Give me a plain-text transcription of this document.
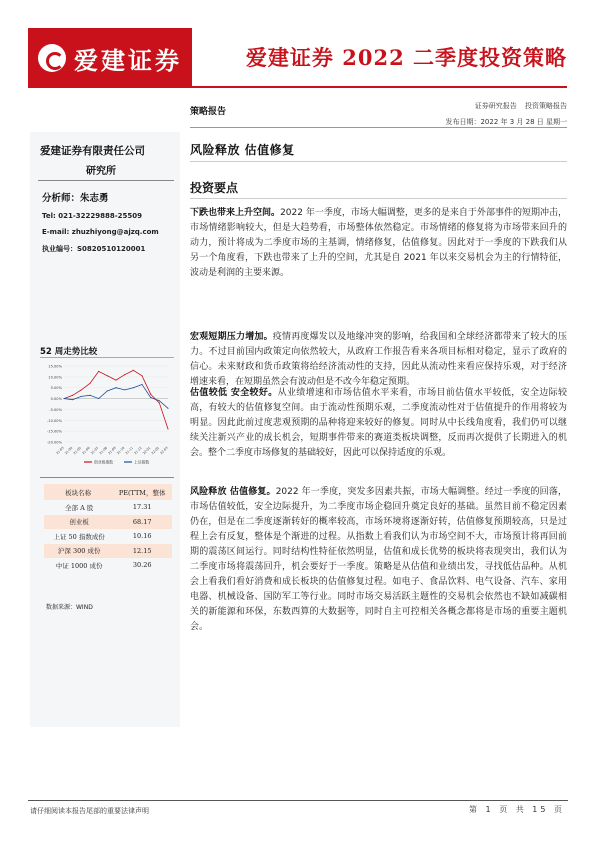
爱建证券	爱建证券 2022 二季度投资策略
策略报告
证券研究报告 投资策略报告
发布日期：2022 年 3 月 28 日 星期一
爱建证券有限责任公司
研究所
分析师：朱志勇
Tel: 021-32229888-25509
E-mail: zhuzhiyong@ajzq.com
执业编号：S0820510120001
52 周走势比较
15.00%
10.00%
5.00%
0.00%
-5.00%
-10.00%
-15.00%
-20.00%
21-03 21-04 21-05 21-06 21-07 21-08 21-09 21-10 21-11 21-12 22-01 22-02 22-03
创业板指数	上证指数
板块名称	PE(TTM，整体
全部 A 股	17.31
创业板	68.17
上证 50 指数成份	10.16
沪深 300 成份	12.15
中证 1000 成份	30.26
数据来源：WIND
风险释放 估值修复
投资要点
下跌也带来上升空间。2022 年一季度，市场大幅调整，更多的是来自于外部事件的短期冲击，市场情绪影响较大，但是大趋势看，市场整体依然稳定。市场情绪的修复将为市场带来回升的动力，预计将成为二季度市场的主基调，情绪修复，估值修复。因此对于一季度的下跌我们从另一个角度看，下跌也带来了上升的空间，尤其是自 2021 年以来交易机会为主的行情特征，波动是利润的主要来源。
宏观短期压力增加。疫情再度爆发以及地缘冲突的影响，给我国和全球经济都带来了较大的压力。不过目前国内政策定向依然较大，从政府工作报告看来各项目标相对稳定，显示了政府的信心。未来财政和货币政策将给经济流动性的支持，因此从流动性来看应保持乐观，对于经济增速来看，在短期虽然会有波动但是不改今年稳定预期。
估值较低 安全较好。从业绩增速和市场估值水平来看，市场目前估值水平较低，安全边际较高，有较大的估值修复空间。由于流动性预期乐观，二季度流动性对于估值提升的作用将较为明显。因此此前过度悲观预期的品种将迎来较好的修复。同时从中长线角度看，我们仍可以继续关注新兴产业的成长机会，短期事件带来的赛道类板块调整，反而再次提供了长期进入的机会。整个二季度市场修复的基础较好，因此可以保持适度的乐观。
风险释放 估值修复。2022 年一季度，突发多因素共振，市场大幅调整。经过一季度的回落，市场估值较低，安全边际提升，为二季度市场企稳回升奠定良好的基础。虽然目前不稳定因素仍在，但是在二季度逐渐转好的概率较高，市场环境将逐渐好转，估值修复预期较高，只是过程上会有反复，整体是个渐进的过程。从指数上看我们认为市场空间不大，市场预计将再回前期的震荡区间运行。同时结构性特征依然明显，估值和成长优势的板块将表现突出，我们认为二季度市场将震荡回升，机会要好于一季度。策略是从估值和业绩出发，寻找低估品种。从机会上看我们看好消费和成长板块的估值修复过程。如电子、食品饮料、电气设备、汽车、家用电器、机械设备、国防军工等行业。同时市场交易活跃主题性的交易机会依然也不缺如减碳相关的新能源和环保，东数西算的大数据等，同时自主可控相关各概念都将是市场的重要主题机会。
请仔细阅读本报告尾部的重要法律声明	第 1 页 共 15 页
